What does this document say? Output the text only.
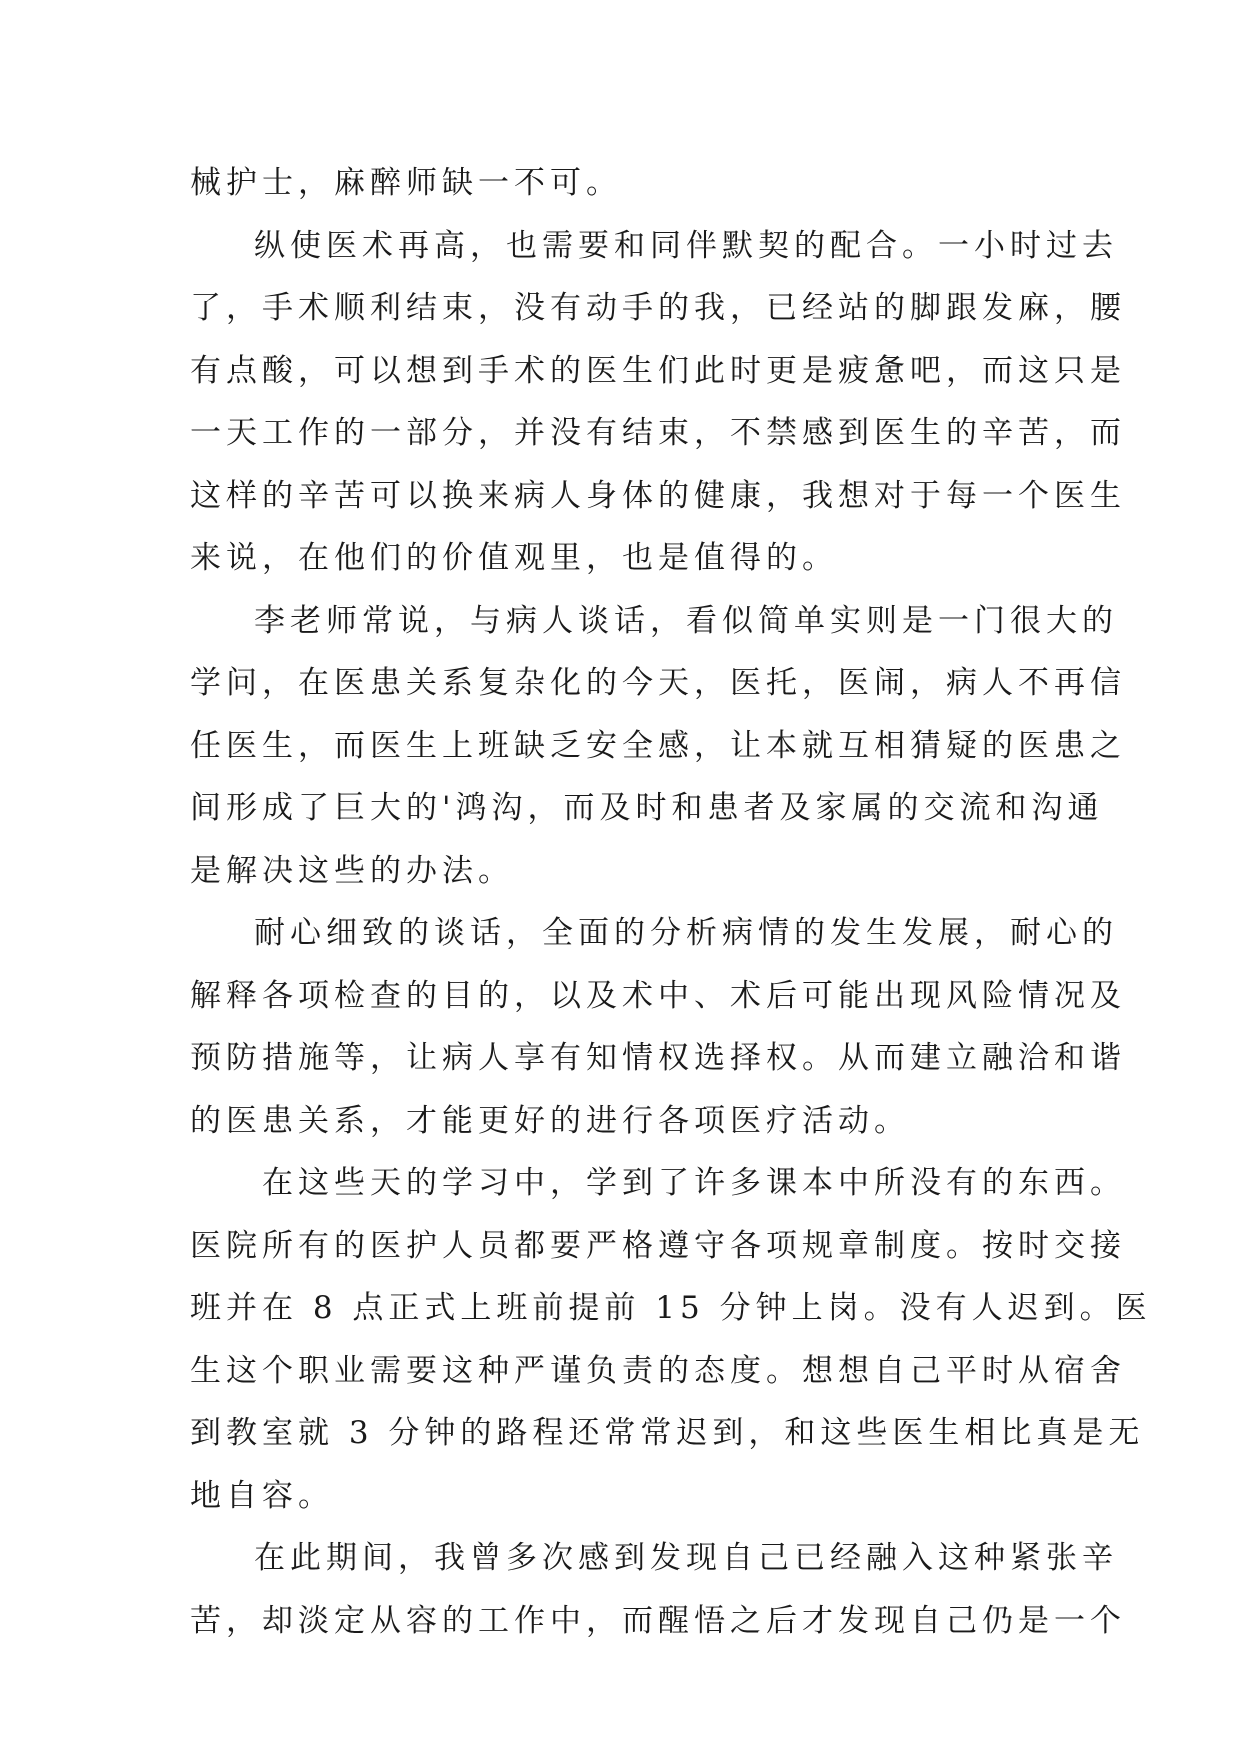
械护士，麻醉师缺一不可。
纵使医术再高，也需要和同伴默契的配合。一小时过去
了，手术顺利结束，没有动手的我，已经站的脚跟发麻，腰
有点酸，可以想到手术的医生们此时更是疲惫吧，而这只是
一天工作的一部分，并没有结束，不禁感到医生的辛苦，而
这样的辛苦可以换来病人身体的健康，我想对于每一个医生
来说，在他们的价值观里，也是值得的。
李老师常说，与病人谈话，看似简单实则是一门很大的
学问，在医患关系复杂化的今天，医托，医闹，病人不再信
任医生，而医生上班缺乏安全感，让本就互相猜疑的医患之
间形成了巨大的'鸿沟，而及时和患者及家属的交流和沟通
是解决这些的办法。
耐心细致的谈话，全面的分析病情的发生发展，耐心的
解释各项检查的目的，以及术中、术后可能出现风险情况及
预防措施等，让病人享有知情权选择权。从而建立融洽和谐
的医患关系，才能更好的进行各项医疗活动。
在这些天的学习中，学到了许多课本中所没有的东西。
医院所有的医护人员都要严格遵守各项规章制度。按时交接
班并在 8 点正式上班前提前 15 分钟上岗。没有人迟到。医
生这个职业需要这种严谨负责的态度。想想自己平时从宿舍
到教室就 3 分钟的路程还常常迟到，和这些医生相比真是无
地自容。
在此期间，我曾多次感到发现自己已经融入这种紧张辛
苦，却淡定从容的工作中，而醒悟之后才发现自己仍是一个
